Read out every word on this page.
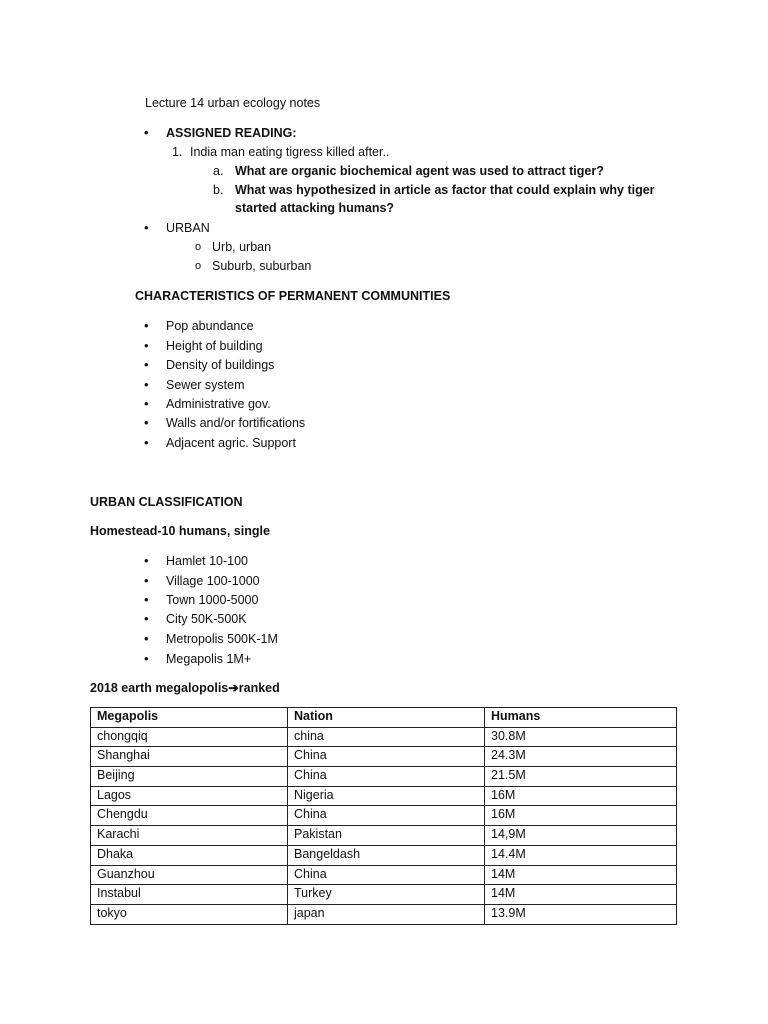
Lecture 14 urban ecology notes
• ASSIGNED READING:
1. India man eating tigress killed after..
a. What are organic biochemical agent was used to attract tiger?
b. What was hypothesized in article as factor that could explain why tiger
started attacking humans?
• URBAN
o Urb, urban
o Suburb, suburban
CHARACTERISTICS OF PERMANENT COMMUNITIES
• Pop abundance
• Height of building
• Density of buildings
• Sewer system
• Administrative gov.
• Walls and/or fortifications
• Adjacent agric. Support
URBAN CLASSIFICATION
Homestead-10 humans, single
• Hamlet 10-100
• Village 100-1000
• Town 1000-5000
• City 50K-500K
• Metropolis 500K-1M
• Megapolis 1M+
2018 earth megalopolis➔ranked
Megapolis	Nation	Humans
chongqiq	china	30.8M
Shanghai	China	24.3M
Beijing	China	21.5M
Lagos	Nigeria	16M
Chengdu	China	16M
Karachi	Pakistan	14,9M
Dhaka	Bangeldash	14.4M
Guanzhou	China	14M
Instabul	Turkey	14M
tokyo	japan	13.9M
